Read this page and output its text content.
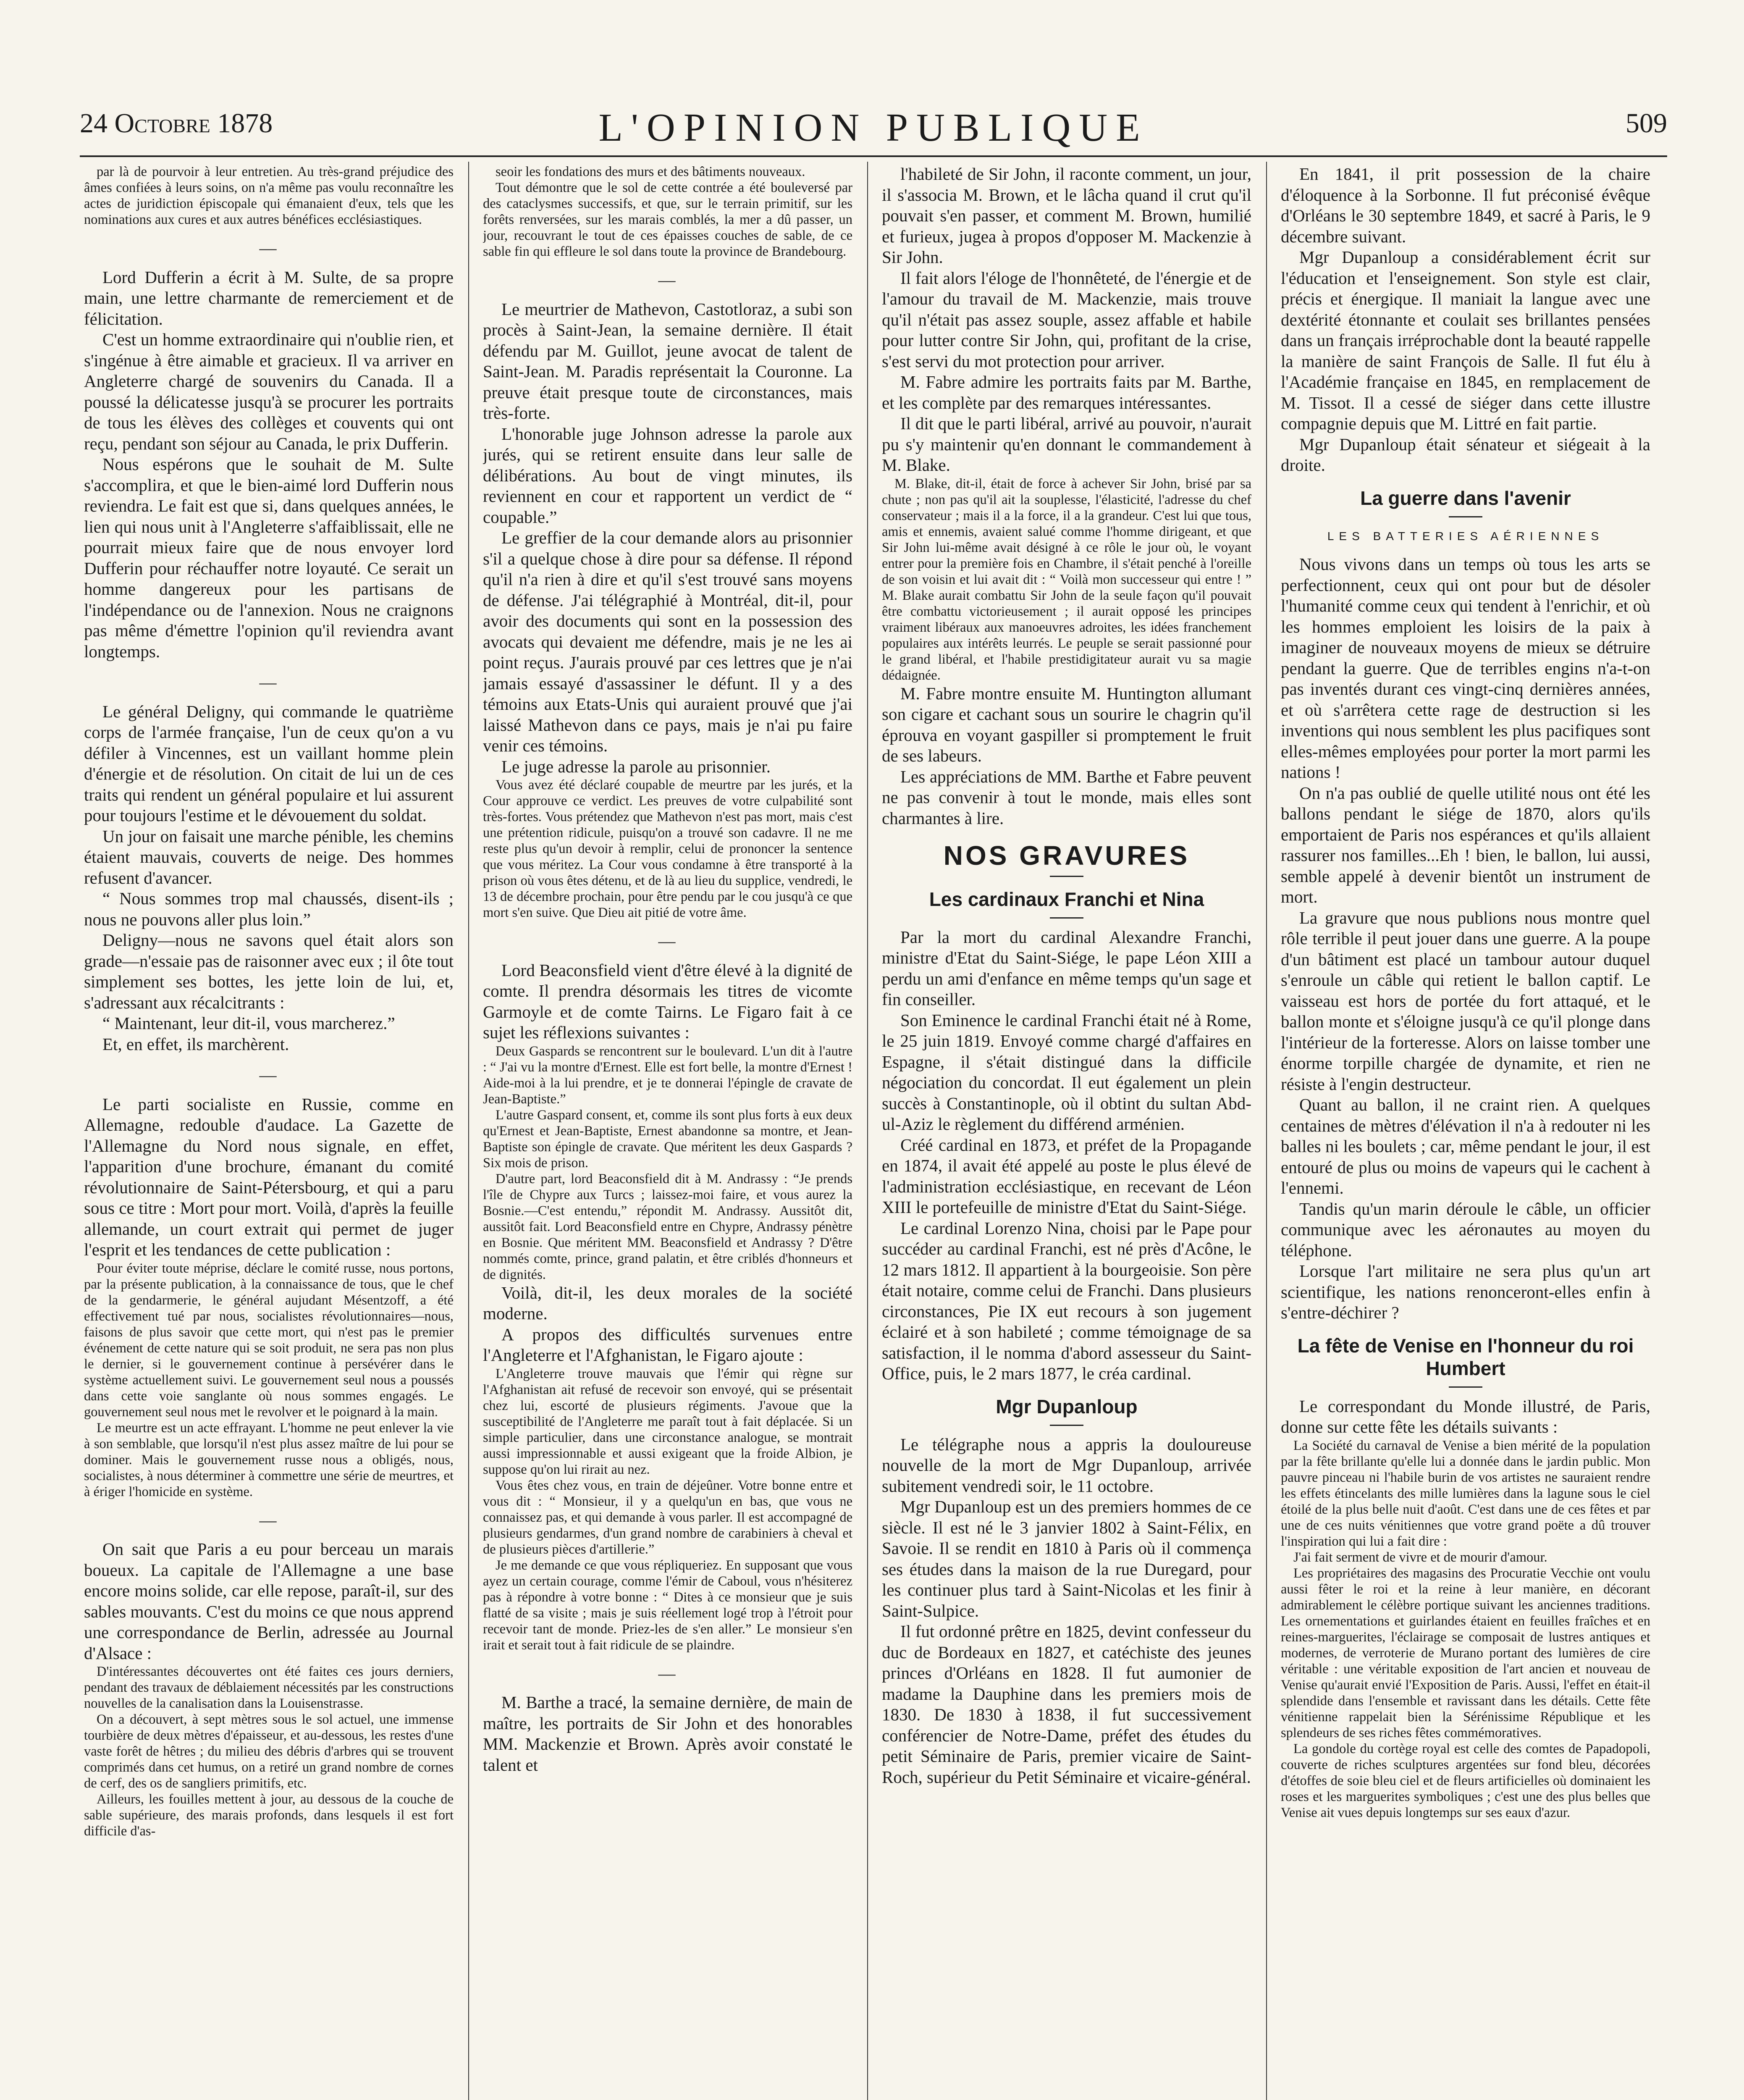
24 Octobre 1878	L'OPINION PUBLIQUE	509
par là de pourvoir à leur entretien. Au très-grand préjudice des âmes confiées à leurs soins, on n'a même pas voulu reconnaître les actes de juridiction épiscopale qui émanaient d'eux, tels que les nominations aux cures et aux autres bénéfices ecclésiastiques.
—
Lord Dufferin a écrit à M. Sulte, de sa propre main, une lettre charmante de remerciement et de félicitation.
C'est un homme extraordinaire qui n'oublie rien, et s'ingénue à être aimable et gracieux. Il va arriver en Angleterre chargé de souvenirs du Canada. Il a poussé la délicatesse jusqu'à se procurer les portraits de tous les élèves des collèges et couvents qui ont reçu, pendant son séjour au Canada, le prix Dufferin.
Nous espérons que le souhait de M. Sulte s'accomplira, et que le bien-aimé lord Dufferin nous reviendra. Le fait est que si, dans quelques années, le lien qui nous unit à l'Angleterre s'affaiblissait, elle ne pourrait mieux faire que de nous envoyer lord Dufferin pour réchauffer notre loyauté. Ce serait un homme dangereux pour les partisans de l'indépendance ou de l'annexion. Nous ne craignons pas même d'émettre l'opinion qu'il reviendra avant longtemps.
—
Le général Deligny, qui commande le quatrième corps de l'armée française, l'un de ceux qu'on a vu défiler à Vincennes, est un vaillant homme plein d'énergie et de résolution. On citait de lui un de ces traits qui rendent un général populaire et lui assurent pour toujours l'estime et le dévouement du soldat.
Un jour on faisait une marche pénible, les chemins étaient mauvais, couverts de neige. Des hommes refusent d'avancer.
“ Nous sommes trop mal chaussés, disent-ils ; nous ne pouvons aller plus loin.”
Deligny—nous ne savons quel était alors son grade—n'essaie pas de raisonner avec eux ; il ôte tout simplement ses bottes, les jette loin de lui, et, s'adressant aux récalcitrants :
“ Maintenant, leur dit-il, vous marcherez.”
Et, en effet, ils marchèrent.
—
Le parti socialiste en Russie, comme en Allemagne, redouble d'audace. La Gazette de l'Allemagne du Nord nous signale, en effet, l'apparition d'une brochure, émanant du comité révolutionnaire de Saint-Pétersbourg, et qui a paru sous ce titre : Mort pour mort. Voilà, d'après la feuille allemande, un court extrait qui permet de juger l'esprit et les tendances de cette publication :
Pour éviter toute méprise, déclare le comité russe, nous portons, par la présente publication, à la connaissance de tous, que le chef de la gendarmerie, le général aujudant Mésentzoff, a été effectivement tué par nous, socialistes révolutionnaires—nous, faisons de plus savoir que cette mort, qui n'est pas le premier événement de cette nature qui se soit produit, ne sera pas non plus le dernier, si le gouvernement continue à persévérer dans le système actuellement suivi. Le gouvernement seul nous a poussés dans cette voie sanglante où nous sommes engagés. Le gouvernement seul nous met le revolver et le poignard à la main.
Le meurtre est un acte effrayant. L'homme ne peut enlever la vie à son semblable, que lorsqu'il n'est plus assez maître de lui pour se dominer. Mais le gouvernement russe nous a obligés, nous, socialistes, à nous déterminer à commettre une série de meurtres, et à ériger l'homicide en système.
—
On sait que Paris a eu pour berceau un marais boueux. La capitale de l'Allemagne a une base encore moins solide, car elle repose, paraît-il, sur des sables mouvants. C'est du moins ce que nous apprend une correspondance de Berlin, adressée au Journal d'Alsace :
D'intéressantes découvertes ont été faites ces jours derniers, pendant des travaux de déblaiement nécessités par les constructions nouvelles de la canalisation dans la Louisenstrasse.
On a découvert, à sept mètres sous le sol actuel, une immense tourbière de deux mètres d'épaisseur, et au-dessous, les restes d'une vaste forêt de hêtres ; du milieu des débris d'arbres qui se trouvent comprimés dans cet humus, on a retiré un grand nombre de cornes de cerf, des os de sangliers primitifs, etc.
Ailleurs, les fouilles mettent à jour, au dessous de la couche de sable supérieure, des marais profonds, dans lesquels il est fort difficile d'as-
seoir les fondations des murs et des bâtiments nouveaux.
Tout démontre que le sol de cette contrée a été bouleversé par des cataclysmes successifs, et que, sur le terrain primitif, sur les forêts renversées, sur les marais comblés, la mer a dû passer, un jour, recouvrant le tout de ces épaisses couches de sable, de ce sable fin qui effleure le sol dans toute la province de Brandebourg.
—
Le meurtrier de Mathevon, Castotloraz, a subi son procès à Saint-Jean, la semaine dernière. Il était défendu par M. Guillot, jeune avocat de talent de Saint-Jean. M. Paradis représentait la Couronne. La preuve était presque toute de circonstances, mais très-forte.
L'honorable juge Johnson adresse la parole aux jurés, qui se retirent ensuite dans leur salle de délibérations. Au bout de vingt minutes, ils reviennent en cour et rapportent un verdict de “ coupable.”
Le greffier de la cour demande alors au prisonnier s'il a quelque chose à dire pour sa défense. Il répond qu'il n'a rien à dire et qu'il s'est trouvé sans moyens de défense. J'ai télégraphié à Montréal, dit-il, pour avoir des documents qui sont en la possession des avocats qui devaient me défendre, mais je ne les ai point reçus. J'aurais prouvé par ces lettres que je n'ai jamais essayé d'assassiner le défunt. Il y a des témoins aux Etats-Unis qui auraient prouvé que j'ai laissé Mathevon dans ce pays, mais je n'ai pu faire venir ces témoins.
Le juge adresse la parole au prisonnier.
Vous avez été déclaré coupable de meurtre par les jurés, et la Cour approuve ce verdict. Les preuves de votre culpabilité sont très-fortes. Vous prétendez que Mathevon n'est pas mort, mais c'est une prétention ridicule, puisqu'on a trouvé son cadavre. Il ne me reste plus qu'un devoir à remplir, celui de prononcer la sentence que vous méritez. La Cour vous condamne à être transporté à la prison où vous êtes détenu, et de là au lieu du supplice, vendredi, le 13 de décembre prochain, pour être pendu par le cou jusqu'à ce que mort s'en suive. Que Dieu ait pitié de votre âme.
—
Lord Beaconsfield vient d'être élevé à la dignité de comte. Il prendra désormais les titres de vicomte Garmoyle et de comte Tairns. Le Figaro fait à ce sujet les réflexions suivantes :
Deux Gaspards se rencontrent sur le boulevard. L'un dit à l'autre : “ J'ai vu la montre d'Ernest. Elle est fort belle, la montre d'Ernest ! Aide-moi à la lui prendre, et je te donnerai l'épingle de cravate de Jean-Baptiste.”
L'autre Gaspard consent, et, comme ils sont plus forts à eux deux qu'Ernest et Jean-Baptiste, Ernest abandonne sa montre, et Jean-Baptiste son épingle de cravate. Que méritent les deux Gaspards ? Six mois de prison.
D'autre part, lord Beaconsfield dit à M. Andrassy : “Je prends l'île de Chypre aux Turcs ; laissez-moi faire, et vous aurez la Bosnie.—C'est entendu,” répondit M. Andrassy. Aussitôt dit, aussitôt fait. Lord Beaconsfield entre en Chypre, Andrassy pénètre en Bosnie. Que méritent MM. Beaconsfield et Andrassy ? D'être nommés comte, prince, grand palatin, et être criblés d'honneurs et de dignités.
Voilà, dit-il, les deux morales de la société moderne.
A propos des difficultés survenues entre l'Angleterre et l'Afghanistan, le Figaro ajoute :
L'Angleterre trouve mauvais que l'émir qui règne sur l'Afghanistan ait refusé de recevoir son envoyé, qui se présentait chez lui, escorté de plusieurs régiments. J'avoue que la susceptibilité de l'Angleterre me paraît tout à fait déplacée. Si un simple particulier, dans une circonstance analogue, se montrait aussi impressionnable et aussi exigeant que la froide Albion, je suppose qu'on lui rirait au nez.
Vous êtes chez vous, en train de déjeûner. Votre bonne entre et vous dit : “ Monsieur, il y a quelqu'un en bas, que vous ne connaissez pas, et qui demande à vous parler. Il est accompagné de plusieurs gendarmes, d'un grand nombre de carabiniers à cheval et de plusieurs pièces d'artillerie.”
Je me demande ce que vous répliqueriez. En supposant que vous ayez un certain courage, comme l'émir de Caboul, vous n'hésiterez pas à répondre à votre bonne : “ Dites à ce monsieur que je suis flatté de sa visite ; mais je suis réellement logé trop à l'étroit pour recevoir tant de monde. Priez-les de s'en aller.” Le monsieur s'en irait et serait tout à fait ridicule de se plaindre.
—
M. Barthe a tracé, la semaine dernière, de main de maître, les portraits de Sir John et des honorables MM. Mackenzie et Brown. Après avoir constaté le talent et
l'habileté de Sir John, il raconte comment, un jour, il s'associa M. Brown, et le lâcha quand il crut qu'il pouvait s'en passer, et comment M. Brown, humilié et furieux, jugea à propos d'opposer M. Mackenzie à Sir John.
Il fait alors l'éloge de l'honnêteté, de l'énergie et de l'amour du travail de M. Mackenzie, mais trouve qu'il n'était pas assez souple, assez affable et habile pour lutter contre Sir John, qui, profitant de la crise, s'est servi du mot protection pour arriver.
M. Fabre admire les portraits faits par M. Barthe, et les complète par des remarques intéressantes.
Il dit que le parti libéral, arrivé au pouvoir, n'aurait pu s'y maintenir qu'en donnant le commandement à M. Blake.
M. Blake, dit-il, était de force à achever Sir John, brisé par sa chute ; non pas qu'il ait la souplesse, l'élasticité, l'adresse du chef conservateur ; mais il a la force, il a la grandeur. C'est lui que tous, amis et ennemis, avaient salué comme l'homme dirigeant, et que Sir John lui-même avait désigné à ce rôle le jour où, le voyant entrer pour la première fois en Chambre, il s'était penché à l'oreille de son voisin et lui avait dit : “ Voilà mon successeur qui entre ! ” M. Blake aurait combattu Sir John de la seule façon qu'il pouvait être combattu victorieusement ; il aurait opposé les principes vraiment libéraux aux manoeuvres adroites, les idées franchement populaires aux intérêts leurrés. Le peuple se serait passionné pour le grand libéral, et l'habile prestidigitateur aurait vu sa magie dédaignée.
M. Fabre montre ensuite M. Huntington allumant son cigare et cachant sous un sourire le chagrin qu'il éprouva en voyant gaspiller si promptement le fruit de ses labeurs.
Les appréciations de MM. Barthe et Fabre peuvent ne pas convenir à tout le monde, mais elles sont charmantes à lire.
NOS GRAVURES
Les cardinaux Franchi et Nina
Par la mort du cardinal Alexandre Franchi, ministre d'Etat du Saint-Siége, le pape Léon XIII a perdu un ami d'enfance en même temps qu'un sage et fin conseiller.
Son Eminence le cardinal Franchi était né à Rome, le 25 juin 1819. Envoyé comme chargé d'affaires en Espagne, il s'était distingué dans la difficile négociation du concordat. Il eut également un plein succès à Constantinople, où il obtint du sultan Abd-ul-Aziz le règlement du différend arménien.
Créé cardinal en 1873, et préfet de la Propagande en 1874, il avait été appelé au poste le plus élevé de l'administration ecclésiastique, en recevant de Léon XIII le portefeuille de ministre d'Etat du Saint-Siége.
Le cardinal Lorenzo Nina, choisi par le Pape pour succéder au cardinal Franchi, est né près d'Acône, le 12 mars 1812. Il appartient à la bourgeoisie. Son père était notaire, comme celui de Franchi. Dans plusieurs circonstances, Pie IX eut recours à son jugement éclairé et à son habileté ; comme témoignage de sa satisfaction, il le nomma d'abord assesseur du Saint-Office, puis, le 2 mars 1877, le créa cardinal.
Mgr Dupanloup
Le télégraphe nous a appris la douloureuse nouvelle de la mort de Mgr Dupanloup, arrivée subitement vendredi soir, le 11 octobre.
Mgr Dupanloup est un des premiers hommes de ce siècle. Il est né le 3 janvier 1802 à Saint-Félix, en Savoie. Il se rendit en 1810 à Paris où il commença ses études dans la maison de la rue Duregard, pour les continuer plus tard à Saint-Nicolas et les finir à Saint-Sulpice.
Il fut ordonné prêtre en 1825, devint confesseur du duc de Bordeaux en 1827, et catéchiste des jeunes princes d'Orléans en 1828. Il fut aumonier de madame la Dauphine dans les premiers mois de 1830. De 1830 à 1838, il fut successivement conférencier de Notre-Dame, préfet des études du petit Séminaire de Paris, premier vicaire de Saint-Roch, supérieur du Petit Séminaire et vicaire-général.
En 1841, il prit possession de la chaire d'éloquence à la Sorbonne. Il fut préconisé évêque d'Orléans le 30 septembre 1849, et sacré à Paris, le 9 décembre suivant.
Mgr Dupanloup a considérablement écrit sur l'éducation et l'enseignement. Son style est clair, précis et énergique. Il maniait la langue avec une dextérité étonnante et coulait ses brillantes pensées dans un français irréprochable dont la beauté rappelle la manière de saint François de Salle. Il fut élu à l'Académie française en 1845, en remplacement de M. Tissot. Il a cessé de siéger dans cette illustre compagnie depuis que M. Littré en fait partie.
Mgr Dupanloup était sénateur et siégeait à la droite.
La guerre dans l'avenir
LES BATTERIES AÉRIENNES
Nous vivons dans un temps où tous les arts se perfectionnent, ceux qui ont pour but de désoler l'humanité comme ceux qui tendent à l'enrichir, et où les hommes emploient les loisirs de la paix à imaginer de nouveaux moyens de mieux se détruire pendant la guerre. Que de terribles engins n'a-t-on pas inventés durant ces vingt-cinq dernières années, et où s'arrêtera cette rage de destruction si les inventions qui nous semblent les plus pacifiques sont elles-mêmes employées pour porter la mort parmi les nations !
On n'a pas oublié de quelle utilité nous ont été les ballons pendant le siége de 1870, alors qu'ils emportaient de Paris nos espérances et qu'ils allaient rassurer nos familles...Eh ! bien, le ballon, lui aussi, semble appelé à devenir bientôt un instrument de mort.
La gravure que nous publions nous montre quel rôle terrible il peut jouer dans une guerre. A la poupe d'un bâtiment est placé un tambour autour duquel s'enroule un câble qui retient le ballon captif. Le vaisseau est hors de portée du fort attaqué, et le ballon monte et s'éloigne jusqu'à ce qu'il plonge dans l'intérieur de la forteresse. Alors on laisse tomber une énorme torpille chargée de dynamite, et rien ne résiste à l'engin destructeur.
Quant au ballon, il ne craint rien. A quelques centaines de mètres d'élévation il n'a à redouter ni les balles ni les boulets ; car, même pendant le jour, il est entouré de plus ou moins de vapeurs qui le cachent à l'ennemi.
Tandis qu'un marin déroule le câble, un officier communique avec les aéronautes au moyen du téléphone.
Lorsque l'art militaire ne sera plus qu'un art scientifique, les nations renonceront-elles enfin à s'entre-déchirer ?
La fête de Venise en l'honneur du roi Humbert
Le correspondant du Monde illustré, de Paris, donne sur cette fête les détails suivants :
La Société du carnaval de Venise a bien mérité de la population par la fête brillante qu'elle lui a donnée dans le jardin public. Mon pauvre pinceau ni l'habile burin de vos artistes ne sauraient rendre les effets étincelants des mille lumières dans la lagune sous le ciel étoilé de la plus belle nuit d'août. C'est dans une de ces fêtes et par une de ces nuits vénitiennes que votre grand poëte a dû trouver l'inspiration qui lui a fait dire :
J'ai fait serment de vivre et de mourir d'amour.
Les propriétaires des magasins des Procuratie Vecchie ont voulu aussi fêter le roi et la reine à leur manière, en décorant admirablement le célèbre portique suivant les anciennes traditions. Les ornementations et guirlandes étaient en feuilles fraîches et en reines-marguerites, l'éclairage se composait de lustres antiques et modernes, de verroterie de Murano portant des lumières de cire véritable : une véritable exposition de l'art ancien et nouveau de Venise qu'aurait envié l'Exposition de Paris. Aussi, l'effet en était-il splendide dans l'ensemble et ravissant dans les détails. Cette fête vénitienne rappelait bien la Sérénissime République et les splendeurs de ses riches fêtes commémoratives.
La gondole du cortège royal est celle des comtes de Papadopoli, couverte de riches sculptures argentées sur fond bleu, décorées d'étoffes de soie bleu ciel et de fleurs artificielles où dominaient les roses et les marguerites symboliques ; c'est une des plus belles que Venise ait vues depuis longtemps sur ses eaux d'azur.
